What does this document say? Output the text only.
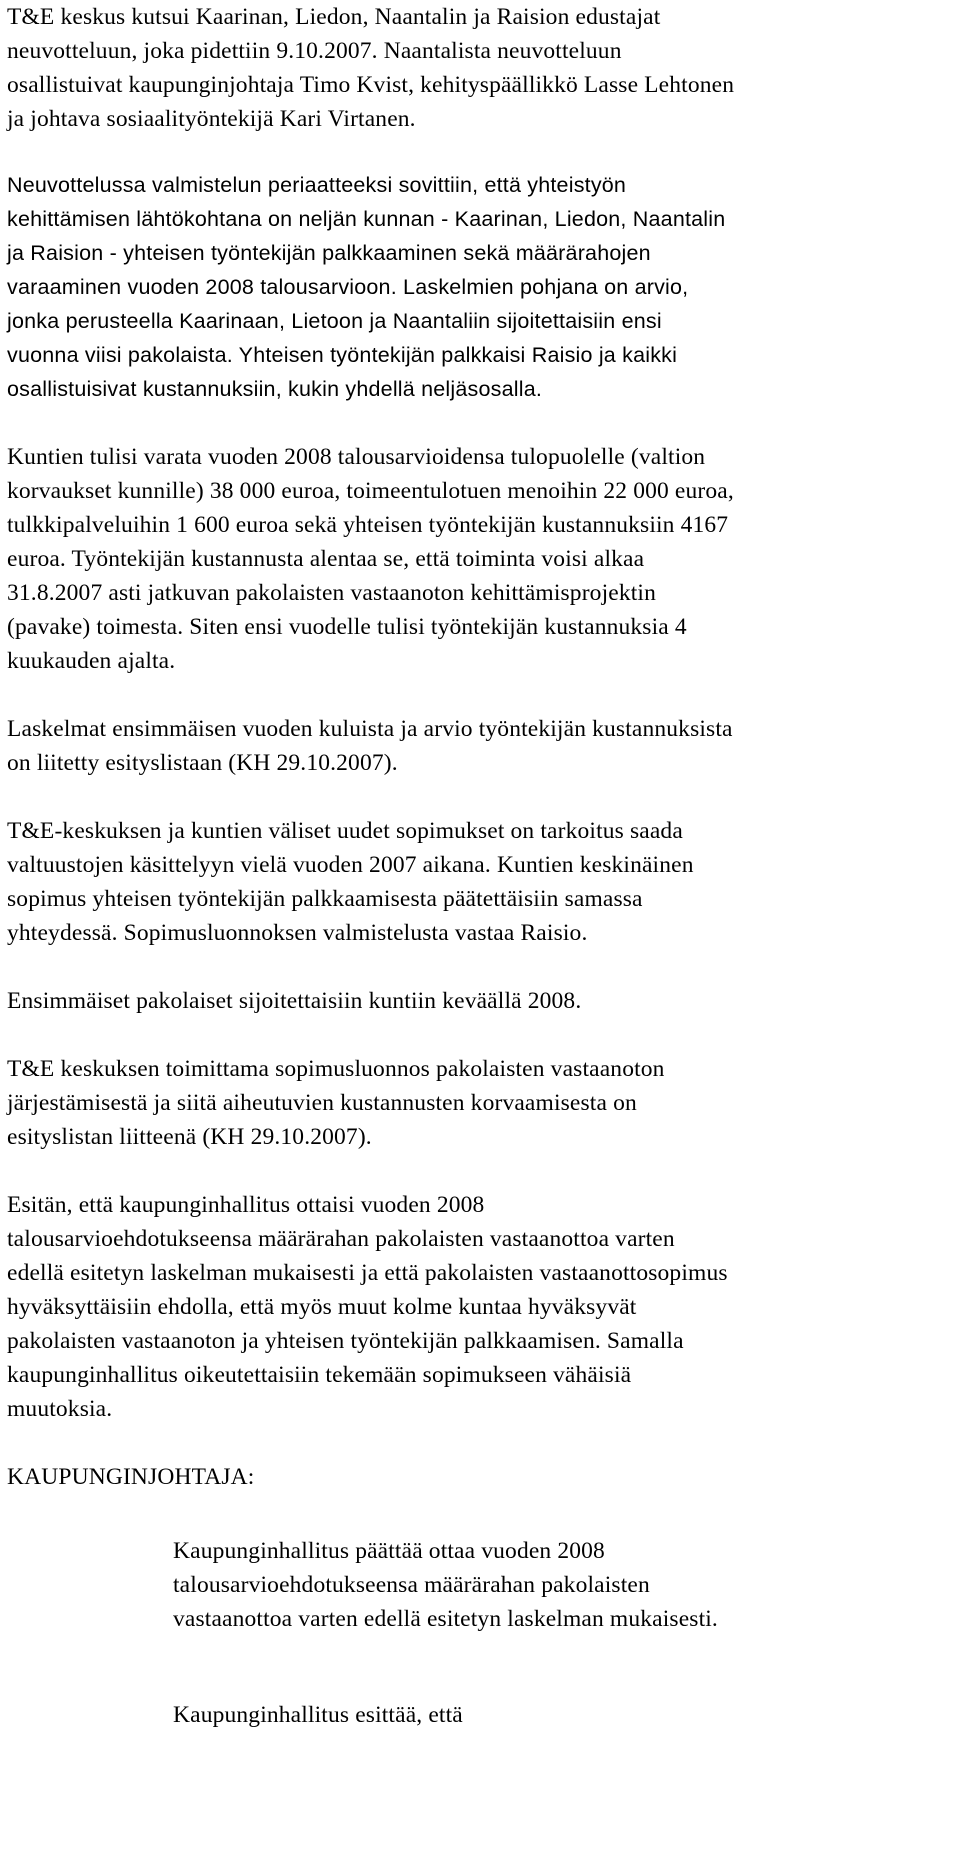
T&E keskus kutsui Kaarinan, Liedon, Naantalin ja Raision edustajat
neuvotteluun, joka pidettiin 9.10.2007. Naantalista neuvotteluun
osallistuivat kaupunginjohtaja Timo Kvist, kehityspäällikkö Lasse Lehtonen
ja johtava sosiaalityöntekijä Kari Virtanen.
Neuvottelussa valmistelun periaatteeksi sovittiin, että yhteistyön
kehittämisen lähtökohtana on neljän kunnan - Kaarinan, Liedon, Naantalin
ja Raision - yhteisen työntekijän palkkaaminen sekä määrärahojen
varaaminen vuoden 2008 talousarvioon. Laskelmien pohjana on arvio,
jonka perusteella Kaarinaan, Lietoon ja Naantaliin sijoitettaisiin ensi
vuonna viisi pakolaista. Yhteisen työntekijän palkkaisi Raisio ja kaikki
osallistuisivat kustannuksiin, kukin yhdellä neljäsosalla.
Kuntien tulisi varata vuoden 2008 talousarvioidensa tulopuolelle (valtion
korvaukset kunnille) 38 000 euroa, toimeentulotuen menoihin 22 000 euroa,
tulkkipalveluihin 1 600 euroa sekä yhteisen työntekijän kustannuksiin 4167
euroa. Työntekijän kustannusta alentaa se, että toiminta voisi alkaa
31.8.2007 asti jatkuvan pakolaisten vastaanoton kehittämisprojektin
(pavake) toimesta. Siten ensi vuodelle tulisi työntekijän kustannuksia 4
kuukauden ajalta.
Laskelmat ensimmäisen vuoden kuluista ja arvio työntekijän kustannuksista
on liitetty esityslistaan (KH 29.10.2007).
T&E-keskuksen ja kuntien väliset uudet sopimukset on tarkoitus saada
valtuustojen käsittelyyn vielä vuoden 2007 aikana. Kuntien keskinäinen
sopimus yhteisen työntekijän palkkaamisesta päätettäisiin samassa
yhteydessä. Sopimusluonnoksen valmistelusta vastaa Raisio.
Ensimmäiset pakolaiset sijoitettaisiin kuntiin keväällä 2008.
T&E keskuksen toimittama sopimusluonnos pakolaisten vastaanoton
järjestämisestä ja siitä aiheutuvien kustannusten korvaamisesta on
esityslistan liitteenä (KH 29.10.2007).
Esitän, että kaupunginhallitus ottaisi vuoden 2008
talousarvioehdotukseensa määrärahan pakolaisten vastaanottoa varten
edellä esitetyn laskelman mukaisesti ja että pakolaisten vastaanottosopimus
hyväksyttäisiin ehdolla, että myös muut kolme kuntaa hyväksyvät
pakolaisten vastaanoton ja yhteisen työntekijän palkkaamisen. Samalla
kaupunginhallitus oikeutettaisiin tekemään sopimukseen vähäisiä
muutoksia.
KAUPUNGINJOHTAJA:
Kaupunginhallitus päättää ottaa vuoden 2008
talousarvioehdotukseensa määrärahan pakolaisten
vastaanottoa varten edellä esitetyn laskelman mukaisesti.
Kaupunginhallitus esittää, että
